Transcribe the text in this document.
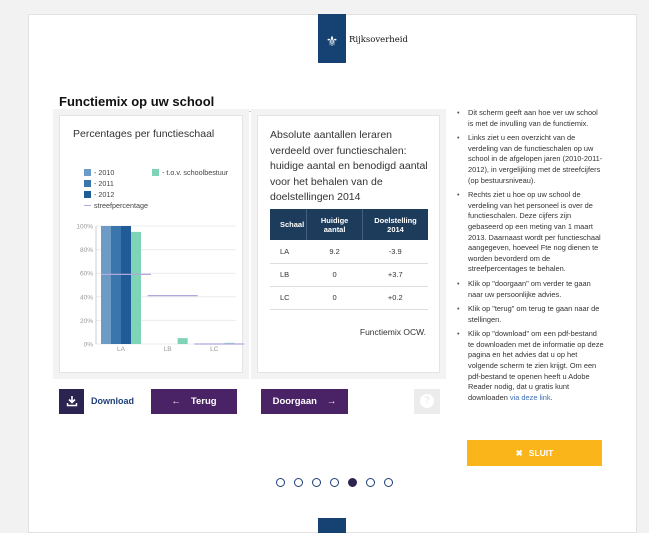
⚜	Rijksoverheid
Functiemix op uw school
Percentages per functieschaal
- 2010
- 2011
- 2012
streefpercentage
- t.o.v. schoolbestuur
0%
20%
40%
60%
80%
100%
LA	LB	LC
Absolute aantallen leraren verdeeld over functieschalen: huidige aantal en benodigd aantal voor het behalen van de doelstellingen 2014
Schaal	Huidige aantal	Doelstelling 2014
LA	9.2	-3.9
LB	0	+3.7
LC	0	+0.2
Functiemix OCW.
• Dit scherm geeft aan hoe ver uw school is met de invulling van de functiemix.
• Links ziet u een overzicht van de verdeling van de functieschalen op uw school in de afgelopen jaren (2010-2011-2012), in vergelijking met de streefcijfers (op bestuursniveau).
• Rechts ziet u hoe op uw school de verdeling van het personeel is over de functieschalen. Deze cijfers zijn gebaseerd op een meting van 1 maart 2013. Daarnaast wordt per functieschaal aangegeven, hoeveel Fte nog dienen te worden bevorderd om de streefpercentages te behalen.
• Klik op "doorgaan" om verder te gaan naar uw persoonlijke advies.
• Klik op "terug" om terug te gaan naar de stellingen.
• Klik op "download" om een pdf-bestand te downloaden met de informatie op deze pagina en het advies dat u op het volgende scherm te zien krijgt. Om een pdf-bestand te openen heeft u Adobe Reader nodig, dat u gratis kunt downloaden via deze link.
Download	← Terug	Doorgaan →	?
✖ SLUIT
